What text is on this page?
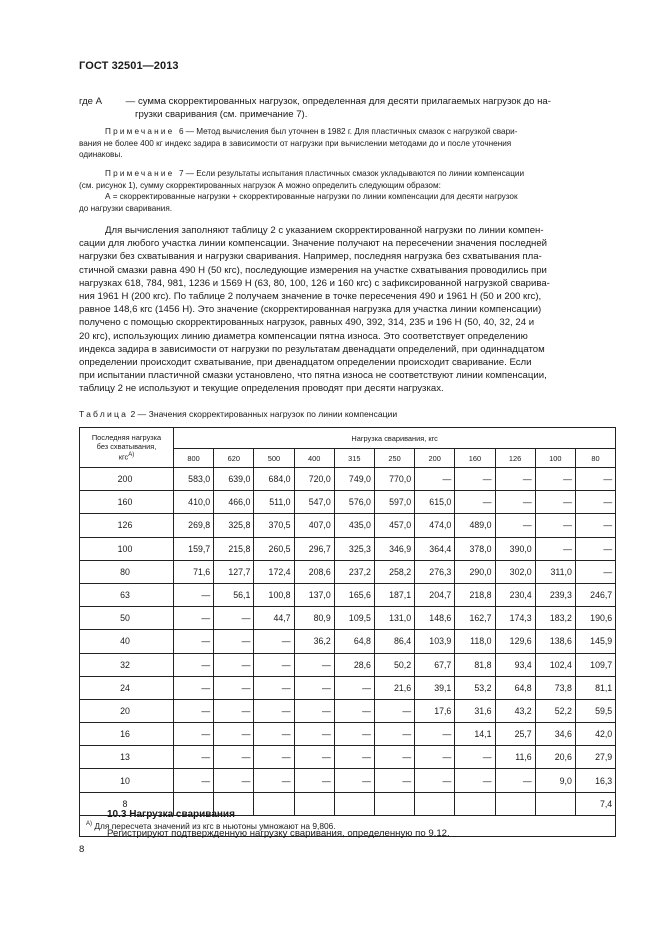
ГОСТ 32501—2013
где А — сумма скорректированных нагрузок, определенная для десяти прилагаемых нагрузок до на-
грузки сваривания (см. примечание 7).
Примечание 6 — Метод вычисления был уточнен в 1982 г. Для пластичных смазок с нагрузкой свари-
вания не более 400 кг индекс задира в зависимости от нагрузки при вычислении методами до и после уточнения
одинаковы.
Примечание 7 — Если результаты испытания пластичных смазок укладываются по линии компенсации
(см. рисунок 1), сумму скорректированных нагрузок А можно определить следующим образом:
А = скорректированные нагрузки + скорректированные нагрузки по линии компенсации для десяти нагрузок
до нагрузки сваривания.
Для вычисления заполняют таблицу 2 с указанием скорректированной нагрузки по линии компен-
сации для любого участка линии компенсации. Значение получают на пересечении значения последней
нагрузки без схватывания и нагрузки сваривания. Например, последняя нагрузка без схватывания пла-
стичной смазки равна 490 Н (50 кгс), последующие измерения на участке схватывания проводились при
нагрузках 618, 784, 981, 1236 и 1569 Н (63, 80, 100, 126 и 160 кгс) с зафиксированной нагрузкой сварива-
ния 1961 Н (200 кгс). По таблице 2 получаем значение в точке пересечения 490 и 1961 Н (50 и 200 кгс),
равное 148,6 кгс (1456 Н). Это значение (скорректированная нагрузка для участка линии компенсации)
получено с помощью скорректированных нагрузок, равных 490, 392, 314, 235 и 196 Н (50, 40, 32, 24 и
20 кгс), использующих линию диаметра компенсации пятна износа. Это соответствует определению
индекса задира в зависимости от нагрузки по результатам двенадцати определений, при одиннадцатом
определении происходит схватывание, при двенадцатом определении происходит сваривание. Если
при испытании пластичной смазки установлено, что пятна износа не соответствуют линии компенсации,
таблицу 2 не используют и текущие определения проводят при десяти нагрузках.
Таблица 2 — Значения скорректированных нагрузок по линии компенсации
Последняя нагрузка
без схватывания,
кгс$^{А)}$	Нагрузка сваривания, кгс										
	800	620	500	400	315	250	200	160	126	100	80
200	583,0	639,0	684,0	720,0	749,0	770,0	—	—	—	—	—
160	410,0	466,0	511,0	547,0	576,0	597,0	615,0	—	—	—	—
126	269,8	325,8	370,5	407,0	435,0	457,0	474,0	489,0	—	—	—
100	159,7	215,8	260,5	296,7	325,3	346,9	364,4	378,0	390,0	—	—
80	71,6	127,7	172,4	208,6	237,2	258,2	276,3	290,0	302,0	311,0	—
63	—	56,1	100,8	137,0	165,6	187,1	204,7	218,8	230,4	239,3	246,7
50	—	—	44,7	80,9	109,5	131,0	148,6	162,7	174,3	183,2	190,6
40	—	—	—	36,2	64,8	86,4	103,9	118,0	129,6	138,6	145,9
32	—	—	—	—	28,6	50,2	67,7	81,8	93,4	102,4	109,7
24	—	—	—	—	—	21,6	39,1	53,2	64,8	73,8	81,1
20	—	—	—	—	—	—	17,6	31,6	43,2	52,2	59,5
16	—	—	—	—	—	—	—	14,1	25,7	34,6	42,0
13	—	—	—	—	—	—	—	—	11,6	20,6	27,9
10	—	—	—	—	—	—	—	—	—	9,0	16,3
8											7,4
$^{А)}$ Для пересчета значений из кгс в ньютоны умножают на 9,806.											
10.3 Нагрузка сваривания
Регистрируют подтвержденную нагрузку сваривания, определенную по 9.12.
8
